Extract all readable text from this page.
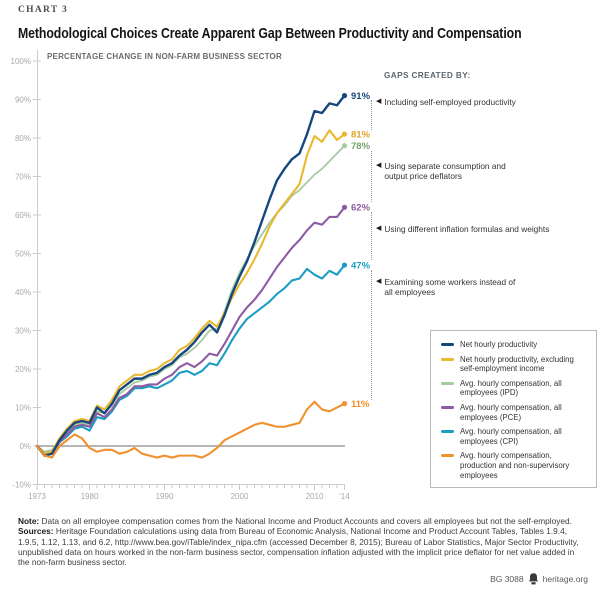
100%
90%
80%
70%
60%
50%
40%
30%
20%
10%
0%
-10%
1973	1980	1990	2000	2010 '14
91%
81%
78%
62%
47%
11%
CHART 3
Methodological Choices Create Apparent Gap Between Productivity and Compensation
PERCENTAGE CHANGE IN NON-FARM BUSINESS SECTOR
GAPS CREATED BY:
◀ Including self-employed productivity
◀ Using separate consumption and output price deflators
◀ Using different inflation formulas and weights
◀ Examining some workers instead of all employees
Net hourly productivity
Net hourly productivity, excluding self-employment income
Avg. hourly compensation, all employees (IPD)
Avg. hourly compensation, all employees (PCE)
Avg. hourly compensation, all employees (CPI)
Avg. hourly compensation, production and non-supervisory employees
Note: Data on all employee compensation comes from the National Income and Product Accounts and covers all employees but not the self-employed.
Sources: Heritage Foundation calculations using data from Bureau of Economic Analysis, National Income and Product Account Tables, Tables 1.9.4, 1.9.5, 1.12, 1.13, and 6.2, http://www.bea.gov/iTable/index_nipa.cfm (accessed December 8, 2015); Bureau of Labor Statistics, Major Sector Productivity, unpublished data on hours worked in the non-farm business sector, compensation inflation adjusted with the implicit price deflator for net value added in the non-farm business sector.
BG 3088 heritage.org
